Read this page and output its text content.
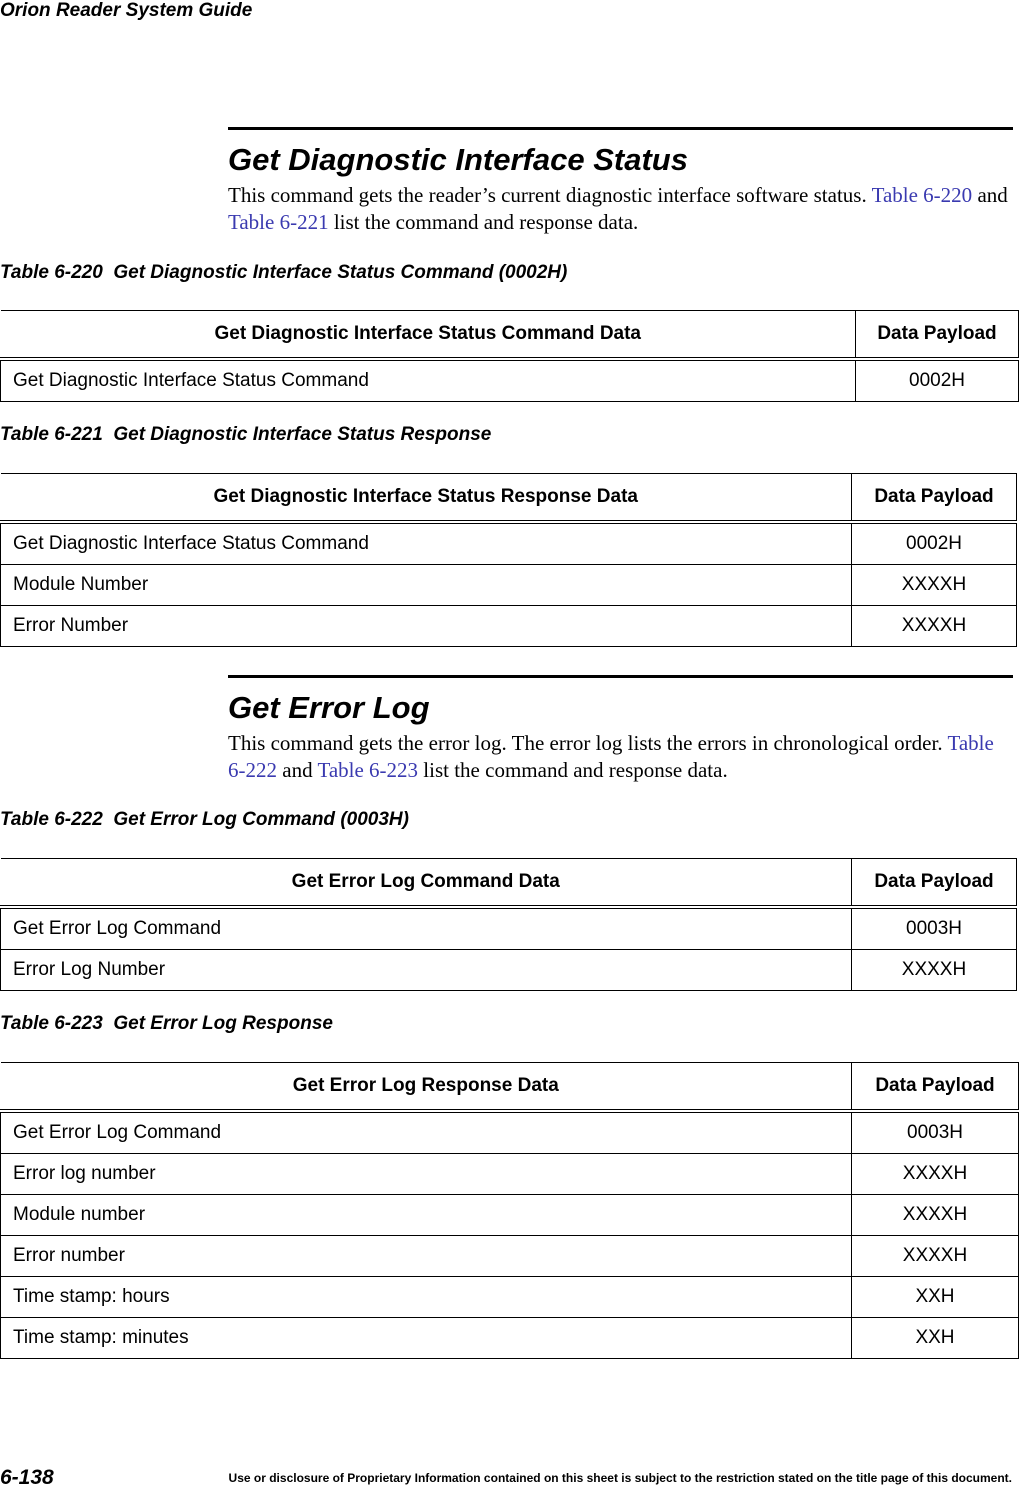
Orion Reader System Guide
Get Diagnostic Interface Status

This command gets the reader’s current diagnostic interface software status. Table 6-220 and Table 6-221 list the command and response data.

Table 6-220 Get Diagnostic Interface Status Command (0002H)
Get Diagnostic Interface Status Command Data	Data Payload
Get Diagnostic Interface Status Command	0002H
Table 6-221 Get Diagnostic Interface Status Response
Get Diagnostic Interface Status Response Data	Data Payload
Get Diagnostic Interface Status Command	0002H
Module Number	XXXXH
Error Number	XXXXH
Get Error Log

This command gets the error log. The error log lists the errors in chronological order. Table 6-222 and Table 6-223 list the command and response data.

Table 6-222 Get Error Log Command (0003H)
Get Error Log Command Data	Data Payload
Get Error Log Command	0003H
Error Log Number	XXXXH
Table 6-223 Get Error Log Response
Get Error Log Response Data	Data Payload
Get Error Log Command	0003H
Error log number	XXXXH
Module number	XXXXH
Error number	XXXXH
Time stamp: hours	XXH
Time stamp: minutes	XXH
6-138	Use or disclosure of Proprietary Information contained on this sheet is subject to the restriction stated on the title page of this document.
